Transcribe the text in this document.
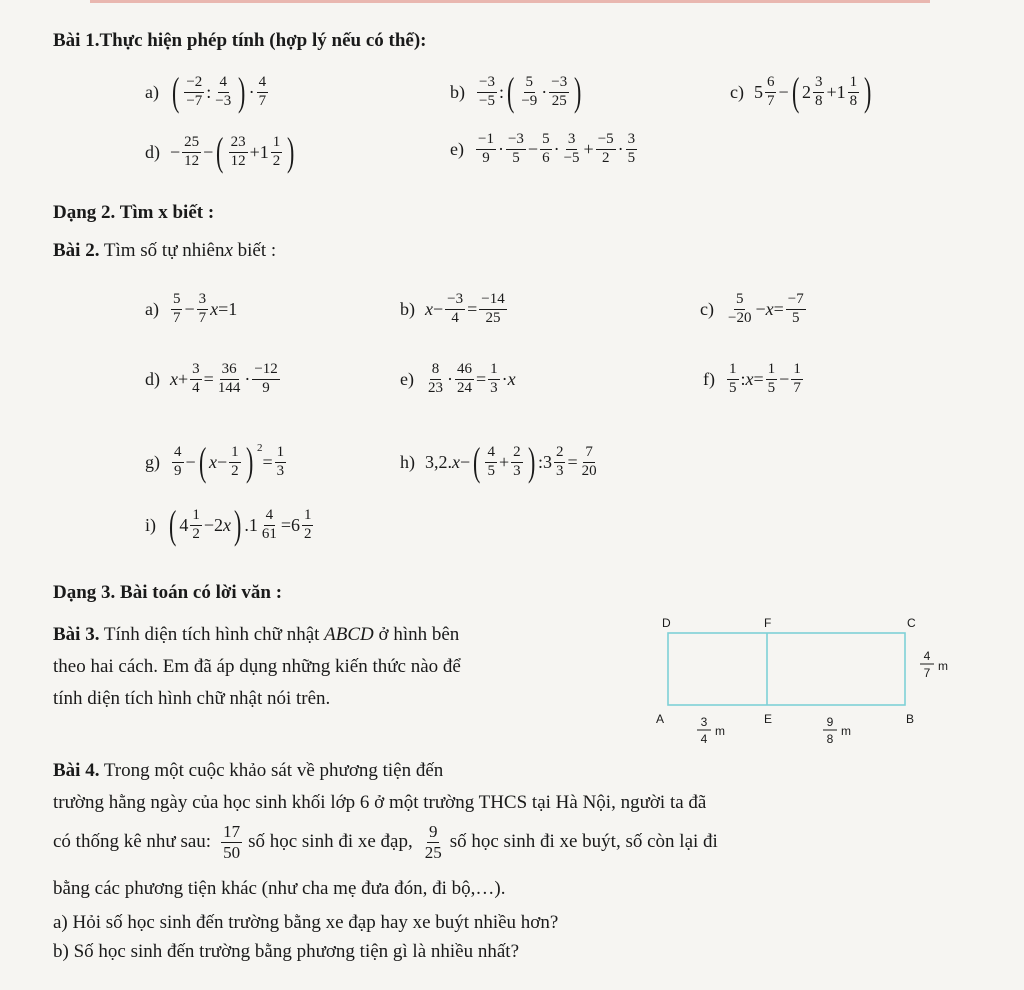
Bài 1.Thực hiện phép tính (hợp lý nếu có thể):
a) ( −2
−7 : 4
−3 ) · 4
7	b) −3
−5 : ( 5
−9 · −3
25 )	c) 5 6
7 − ( 2 3
8 +1 1
8 )
$d) - \frac{25}{12}$ − ( 23
12 +1 1
2 )	e) −1
9 · −3
$5 - \frac{5}{6} \cdot 3$
$-5 + \frac{-5}{2} \cdot 3$
5
Dạng 2. Tìm x biết :
Bài 2. Tìm số tự nhiênx biết :
a) 5
$7 - \frac{3}{7}$ x =1	b) $x - \frac{-3}{4} = \frac{-14}{25}$	c) 5
$-20 - x = \frac{-7}{5}$
d) $x + \frac{3}{4} = \frac{36}{144} \cdot -12$
9	e) 8
$23 \cdot \frac{46}{24} = \frac{1}{3} \cdot x$	f) 1
5 : $x = \frac{1}{5} - \frac{1}{7}$
g) 4
9 − ( $x - \frac{1}{2}$ ) 2
= $\frac{1}{3}$	h) 3,2. x − ( 4
$5 + \frac{2}{3}$ ) :3 $\frac{2}{3} = \frac{7}{20}$
i) ( 4 1
2 −2 x ) $.1 \frac{4}{61} =6$ 1
2
Dạng 3. Bài toán có lời văn :
Bài 3. Tính diện tích hình chữ nhật ABCD ở hình bên
theo hai cách. Em đã áp dụng những kiến thức nào để
tính diện tích hình chữ nhật nói trên.
D	F	C
A	E	B
3
4
m
9
8
m
4
7 m
Bài 4. Trong một cuộc khảo sát về phương tiện đến
trường hằng ngày của học sinh khối lớp 6 ở một trường THCS tại Hà Nội, người ta đã
có thống kê như sau: 17
50 số học sinh đi xe đạp, 9
25 số học sinh đi xe buýt, số còn lại đi
bằng các phương tiện khác (như cha mẹ đưa đón, đi bộ,…).
a) Hỏi số học sinh đến trường bằng xe đạp hay xe buýt nhiều hơn?
b) Số học sinh đến trường bằng phương tiện gì là nhiều nhất?
